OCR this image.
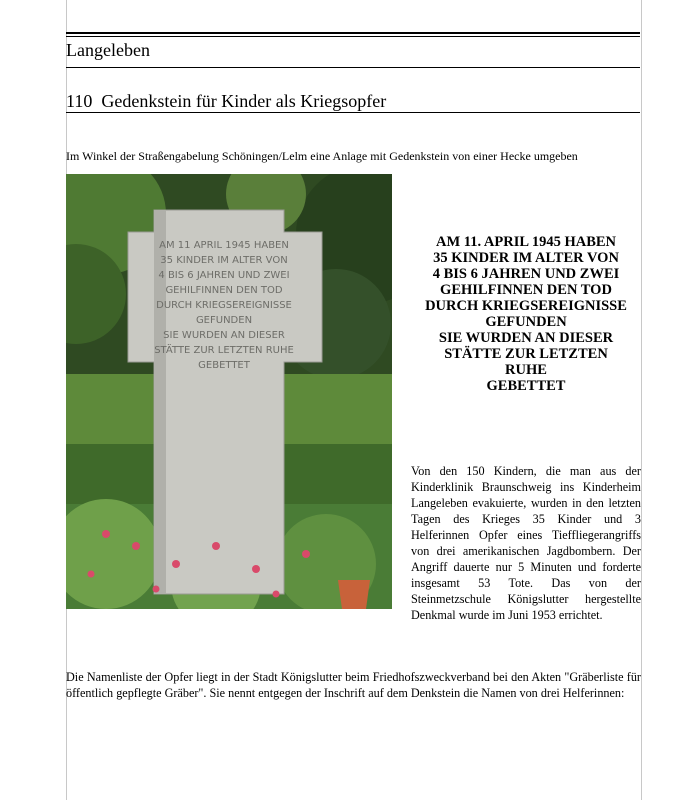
Langeleben
110 Gedenkstein für Kinder als Kriegsopfer
Im Winkel der Straßengabelung Schöningen/Lelm eine Anlage mit Gedenkstein von einer Hecke umgeben
AM 11 APRIL 1945 HABEN
35 KINDER IM ALTER VON
4 BIS 6 JAHREN UND ZWEI
GEHILFINNEN DEN TOD
DURCH KRIEGSEREIGNISSE
GEFUNDEN
SIE WURDEN AN DIESER
STÄTTE ZUR LETZTEN RUHE
GEBETTET
AM 11. APRIL 1945 HABEN
35 KINDER IM ALTER VON
4 BIS 6 JAHREN UND ZWEI
GEHILFINNEN DEN TOD
DURCH KRIEGSEREIGNISSE
GEFUNDEN
SIE WURDEN AN DIESER
STÄTTE ZUR LETZTEN
RUHE
GEBETTET
Von den 150 Kindern, die man aus der Kinderklinik Braunschweig ins Kinderheim Langeleben evakuierte, wurden in den letzten Tagen des Krieges 35 Kinder und 3 Helferinnen Opfer eines Tieffliegerangriffs von drei amerikanischen Jagdbombern. Der Angriff dauerte nur 5 Minuten und forderte insgesamt 53 Tote. Das von der Steinmetzschule Königslutter hergestellte Denkmal wurde im Juni 1953 errichtet.
Die Namenliste der Opfer liegt in der Stadt Königslutter beim Friedhofszweckverband bei den Akten "Gräberliste für öffentlich gepflegte Gräber". Sie nennt entgegen der Inschrift auf dem Denkstein die Namen von drei Helferinnen:
